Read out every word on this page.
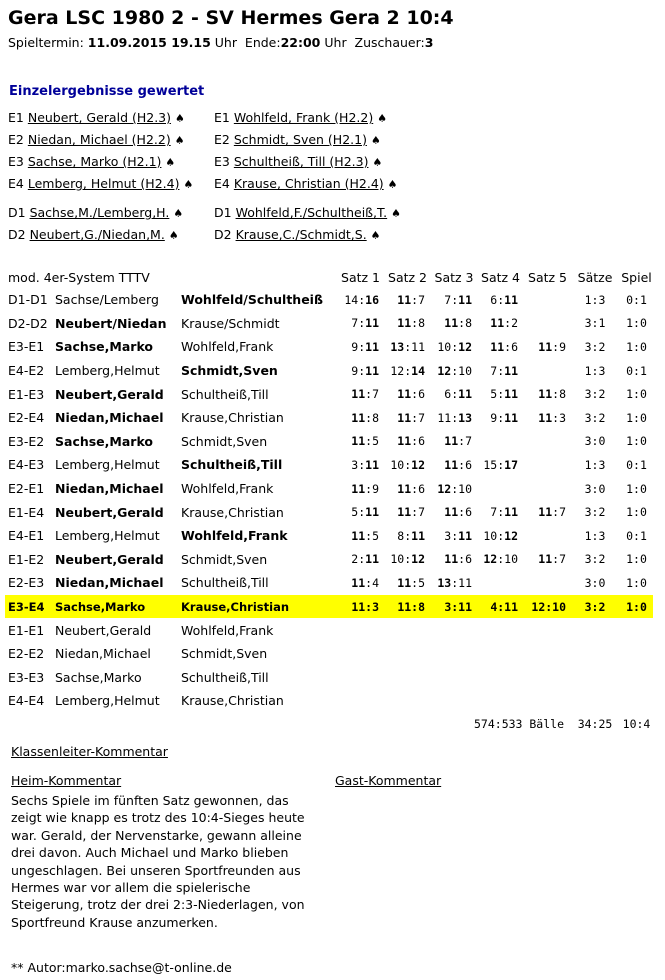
Gera LSC 1980 2 - SV Hermes Gera 2 10:4
Spieltermin: 11.09.2015 19.15 Uhr Ende:22:00 Uhr Zuschauer:3
Einzelergebnisse gewertet
E1 Neubert, Gerald (H2.3) ♠
E2 Niedan, Michael (H2.2) ♠
E3 Sachse, Marko (H2.1) ♠
E4 Lemberg, Helmut (H2.4) ♠
D1 Sachse,M./Lemberg,H. ♠
D2 Neubert,G./Niedan,M. ♠
E1 Wohlfeld, Frank (H2.2) ♠
E2 Schmidt, Sven (H2.1) ♠
E3 Schultheiß, Till (H2.3) ♠
E4 Krause, Christian (H2.4) ♠
D1 Wohlfeld,F./Schultheiß,T. ♠
D2 Krause,C./Schmidt,S. ♠
mod. 4er-System TTTV			Satz 1	Satz 2	Satz 3	Satz 4	Satz 5	Sätze	Spiel
D1-D1	Sachse/Lemberg	Wohlfeld/Schultheiß	14:16	11:7	7:11	6:11		1:3	0:1
D2-D2	Neubert/Niedan	Krause/Schmidt	7:11	11:8	11:8	11:2		3:1	1:0
E3-E1	Sachse,Marko	Wohlfeld,Frank	9:11	13:11	10:12	11:6	11:9	3:2	1:0
E4-E2	Lemberg,Helmut	Schmidt,Sven	9:11	12:14	12:10	7:11		1:3	0:1
E1-E3	Neubert,Gerald	Schultheiß,Till	11:7	11:6	6:11	5:11	11:8	3:2	1:0
E2-E4	Niedan,Michael	Krause,Christian	11:8	11:7	11:13	9:11	11:3	3:2	1:0
E3-E2	Sachse,Marko	Schmidt,Sven	11:5	11:6	11:7			3:0	1:0
E4-E3	Lemberg,Helmut	Schultheiß,Till	3:11	10:12	11:6	15:17		1:3	0:1
E2-E1	Niedan,Michael	Wohlfeld,Frank	11:9	11:6	12:10			3:0	1:0
E1-E4	Neubert,Gerald	Krause,Christian	5:11	11:7	11:6	7:11	11:7	3:2	1:0
E4-E1	Lemberg,Helmut	Wohlfeld,Frank	11:5	8:11	3:11	10:12		1:3	0:1
E1-E2	Neubert,Gerald	Schmidt,Sven	2:11	10:12	11:6	12:10	11:7	3:2	1:0
E2-E3	Niedan,Michael	Schultheiß,Till	11:4	11:5	13:11			3:0	1:0
E3-E4	Sachse,Marko	Krause,Christian	11:3	11:8	3:11	4:11	12:10	3:2	1:0
E1-E1	Neubert,Gerald	Wohlfeld,Frank							
E2-E2	Niedan,Michael	Schmidt,Sven							
E3-E3	Sachse,Marko	Schultheiß,Till							
E4-E4	Lemberg,Helmut	Krause,Christian							
			574:533 Bälle					34:25	10:4
Klassenleiter-Kommentar
Heim-Kommentar	Gast-Kommentar
Sechs Spiele im fünften Satz gewonnen, das zeigt wie knapp es trotz des 10:4-Sieges heute war. Gerald, der Nervenstarke, gewann alleine drei davon. Auch Michael und Marko blieben ungeschlagen. Bei unseren Sportfreunden aus Hermes war vor allem die spielerische Steigerung, trotz der drei 2:3-Niederlagen, von Sportfreund Krause anzumerken.
** Autor:marko.sachse@t-online.de
